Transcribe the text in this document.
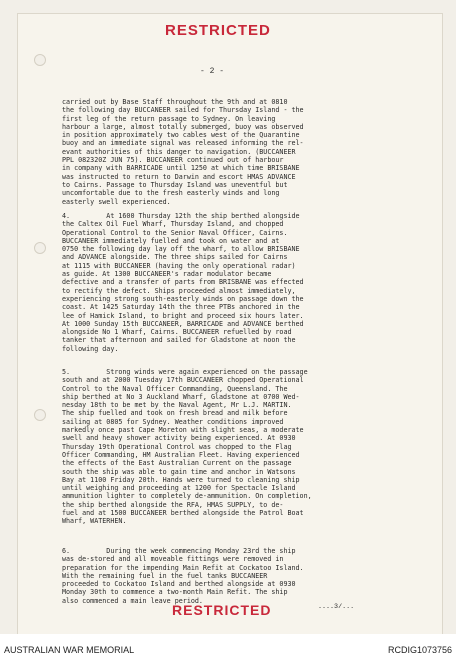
RESTRICTED
- 2 -
carried out by Base Staff throughout the 9th and at 0810
the following day BUCCANEER sailed for Thursday Island - the
first leg of the return passage to Sydney. On leaving
harbour a large, almost totally submerged, buoy was observed
in position approximately two cables west of the Quarantine
buoy and an immediate signal was released informing the rel-
evant authorities of this danger to navigation. (BUCCANEER
PPL 082320Z JUN 75). BUCCANEER continued out of harbour
in company with BARRICADE until 1250 at which time BRISBANE
was instructed to return to Darwin and escort HMAS ADVANCE
to Cairns. Passage to Thursday Island was uneventful but
uncomfortable due to the fresh easterly winds and long
easterly swell experienced.
4.         At 1600 Thursday 12th the ship berthed alongside
the Caltex Oil Fuel Wharf, Thursday Island, and chopped
Operational Control to the Senior Naval Officer, Cairns.
BUCCANEER immediately fuelled and took on water and at
0750 the following day lay off the wharf, to allow BRISBANE
and ADVANCE alongside. The three ships sailed for Cairns
at 1115 with BUCCANEER (having the only operational radar)
as guide. At 1300 BUCCANEER's radar modulator became
defective and a transfer of parts from BRISBANE was effected
to rectify the defect. Ships proceeded almost immediately,
experiencing strong south-easterly winds on passage down the
coast. At 1425 Saturday 14th the three PTBs anchored in the
lee of Hamick Island, to bright and proceed six hours later.
At 1000 Sunday 15th BUCCANEER, BARRICADE and ADVANCE berthed
alongside No 1 Wharf, Cairns. BUCCANEER refuelled by road
tanker that afternoon and sailed for Gladstone at noon the
following day.
5.         Strong winds were again experienced on the passage
south and at 2000 Tuesday 17th BUCCANEER chopped Operational
Control to the Naval Officer Commanding, Queensland. The
ship berthed at No 3 Auckland Wharf, Gladstone at 0700 Wed-
nesday 18th to be met by the Naval Agent, Mr L.J. MARTIN.
The ship fuelled and took on fresh bread and milk before
sailing at 0805 for Sydney. Weather conditions improved
markedly once past Cape Moreton with slight seas, a moderate
swell and heavy shower activity being experienced. At 0930
Thursday 19th Operational Control was chopped to the Flag
Officer Commanding, HM Australian Fleet. Having experienced
the effects of the East Australian Current on the passage
south the ship was able to gain time and anchor in Watsons
Bay at 1100 Friday 20th. Hands were turned to cleaning ship
until weighing and proceeding at 1200 for Spectacle Island
ammunition lighter to completely de-ammunition. On completion,
the ship berthed alongside the RFA, HMAS SUPPLY, to de-
fuel and at 1500 BUCCANEER berthed alongside the Patrol Boat
Wharf, WATERHEN.
6.         During the week commencing Monday 23rd the ship
was de-stored and all moveable fittings were removed in
preparation for the impending Main Refit at Cockatoo Island.
With the remaining fuel in the fuel tanks BUCCANEER
proceeded to Cockatoo Island and berthed alongside at 0930
Monday 30th to commence a two-month Main Refit. The ship
also commenced a main leave period.
....3/...
RESTRICTED
AUSTRALIAN WAR MEMORIAL	RCDIG1073756
